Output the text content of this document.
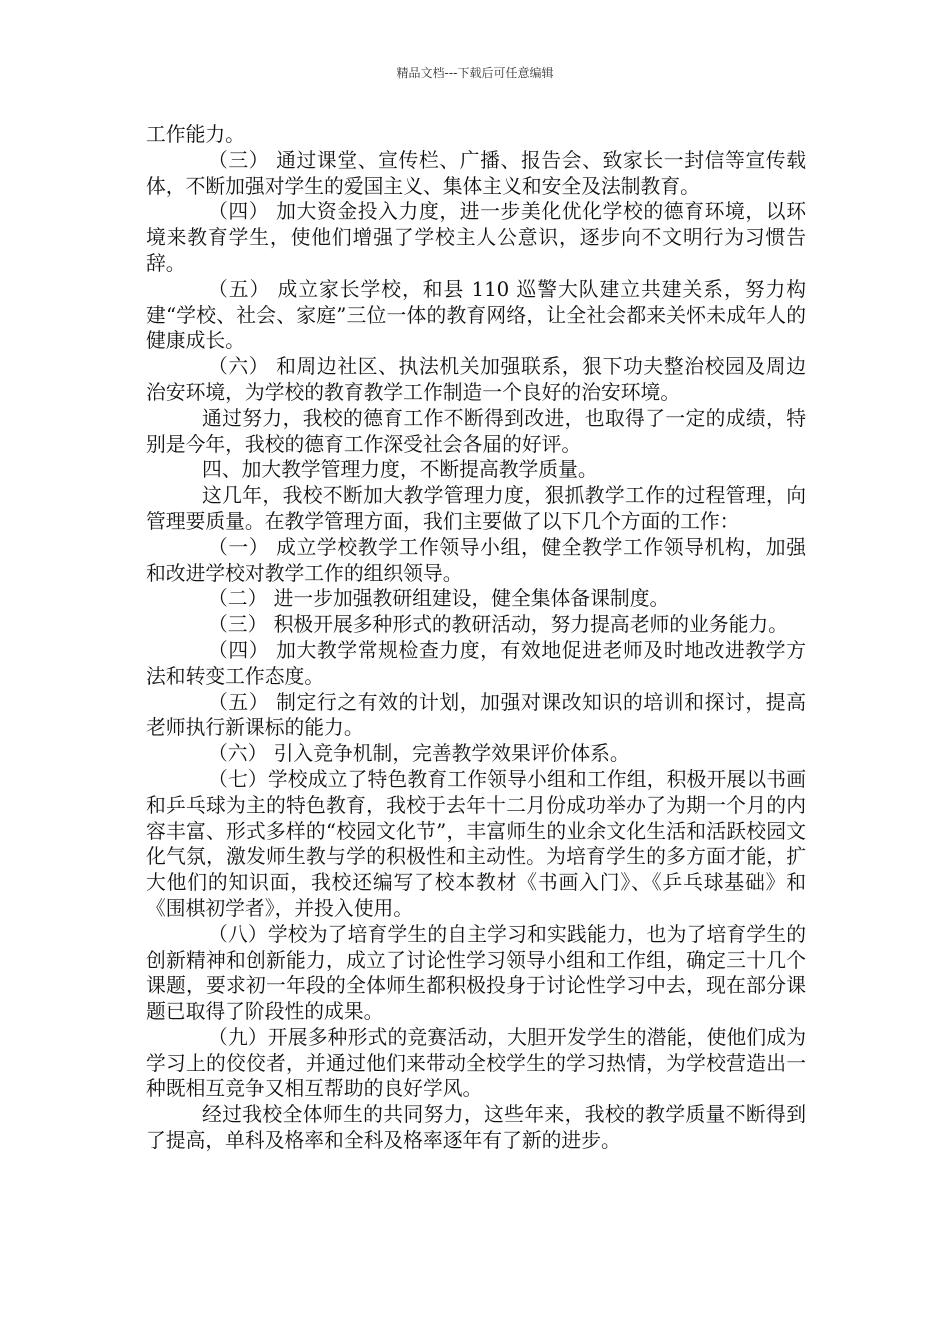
精品文档---下载后可任意编辑

工作能力。

（三） 通过课堂、宣传栏、广播、报告会、致家长一封信等宣传载体，不断加强对学生的爱国主义、集体主义和安全及法制教育。

（四） 加大资金投入力度，进一步美化优化学校的德育环境，以环境来教育学生，使他们增强了学校主人公意识，逐步向不文明行为习惯告辞。

（五） 成立家长学校，和县 110 巡警大队建立共建关系，努力构建“学校、社会、家庭”三位一体的教育网络，让全社会都来关怀未成年人的健康成长。

（六） 和周边社区、执法机关加强联系，狠下功夫整治校园及周边治安环境，为学校的教育教学工作制造一个良好的治安环境。

通过努力，我校的德育工作不断得到改进，也取得了一定的成绩，特别是今年，我校的德育工作深受社会各届的好评。

四、加大教学管理力度，不断提高教学质量。

这几年，我校不断加大教学管理力度，狠抓教学工作的过程管理，向管理要质量。在教学管理方面，我们主要做了以下几个方面的工作：

（一） 成立学校教学工作领导小组，健全教学工作领导机构，加强和改进学校对教学工作的组织领导。

（二） 进一步加强教研组建设，健全集体备课制度。

（三） 积极开展多种形式的教研活动，努力提高老师的业务能力。

（四） 加大教学常规检查力度，有效地促进老师及时地改进教学方法和转变工作态度。

（五） 制定行之有效的计划，加强对课改知识的培训和探讨，提高老师执行新课标的能力。

（六） 引入竞争机制，完善教学效果评价体系。

（七）学校成立了特色教育工作领导小组和工作组，积极开展以书画和乒乓球为主的特色教育，我校于去年十二月份成功举办了为期一个月的内容丰富、形式多样的“校园文化节”，丰富师生的业余文化生活和活跃校园文化气氛，激发师生教与学的积极性和主动性。为培育学生的多方面才能，扩大他们的知识面，我校还编写了校本教材《书画入门》、《乒乓球基础》和《围棋初学者》，并投入使用。

（八）学校为了培育学生的自主学习和实践能力，也为了培育学生的创新精神和创新能力，成立了讨论性学习领导小组和工作组，确定三十几个课题，要求初一年段的全体师生都积极投身于讨论性学习中去，现在部分课题已取得了阶段性的成果。

（九）开展多种形式的竞赛活动，大胆开发学生的潜能，使他们成为学习上的佼佼者，并通过他们来带动全校学生的学习热情，为学校营造出一种既相互竞争又相互帮助的良好学风。

经过我校全体师生的共同努力，这些年来，我校的教学质量不断得到了提高，单科及格率和全科及格率逐年有了新的进步。
